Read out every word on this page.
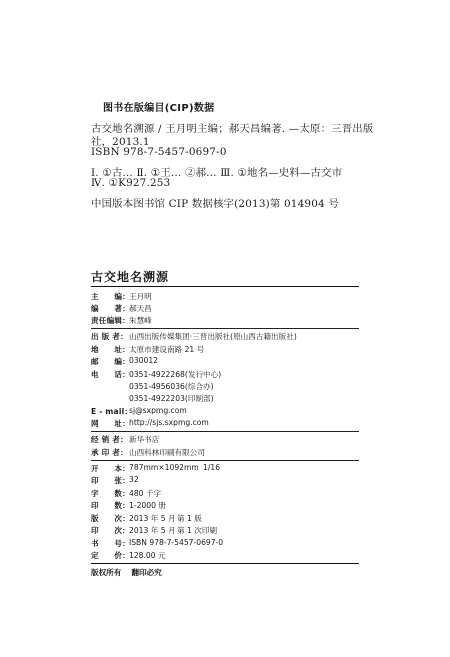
图书在版编目(CIP)数据
古交地名溯源 / 王月明主编；郝天昌编著. —太原：三晋出版
社，2013.1
ISBN 978-7-5457-0697-0
Ⅰ. ①古… Ⅱ. ①王… ②郝… Ⅲ. ①地名—史料—古交市
Ⅳ. ①K927.253
中国版本图书馆 CIP 数据核字(2013)第 014904 号
古交地名溯源
主　　编： 王月明
编　　著： 郝天昌
责任编辑： 朱慧峰
出 版 者： 山西出版传媒集团·三晋出版社(原山西古籍出版社)
地　　址： 太原市建设南路 21 号
邮　　编： 030012
电　　话： 0351-4922268(发行中心)
0351-4956036(综合办)
0351-4922203(印制部)
E - mail：
sj@sxpmg.com
网　　址： http://sjs.sxpmg.com
经 销 者： 新华书店
承 印 者： 山西科林印刷有限公司
开　　本： 787mm×1092mm 1/16
印　　张： 32
字　　数： 480 千字
印　　数： 1-2000 册
版　　次： 2013 年 5 月 第 1 版
印　　次： 2013 年 5 月 第 1 次印刷
书　　号： ISBN 978-7-5457-0697-0
定　　价： 128.00 元
版权所有 翻印必究
